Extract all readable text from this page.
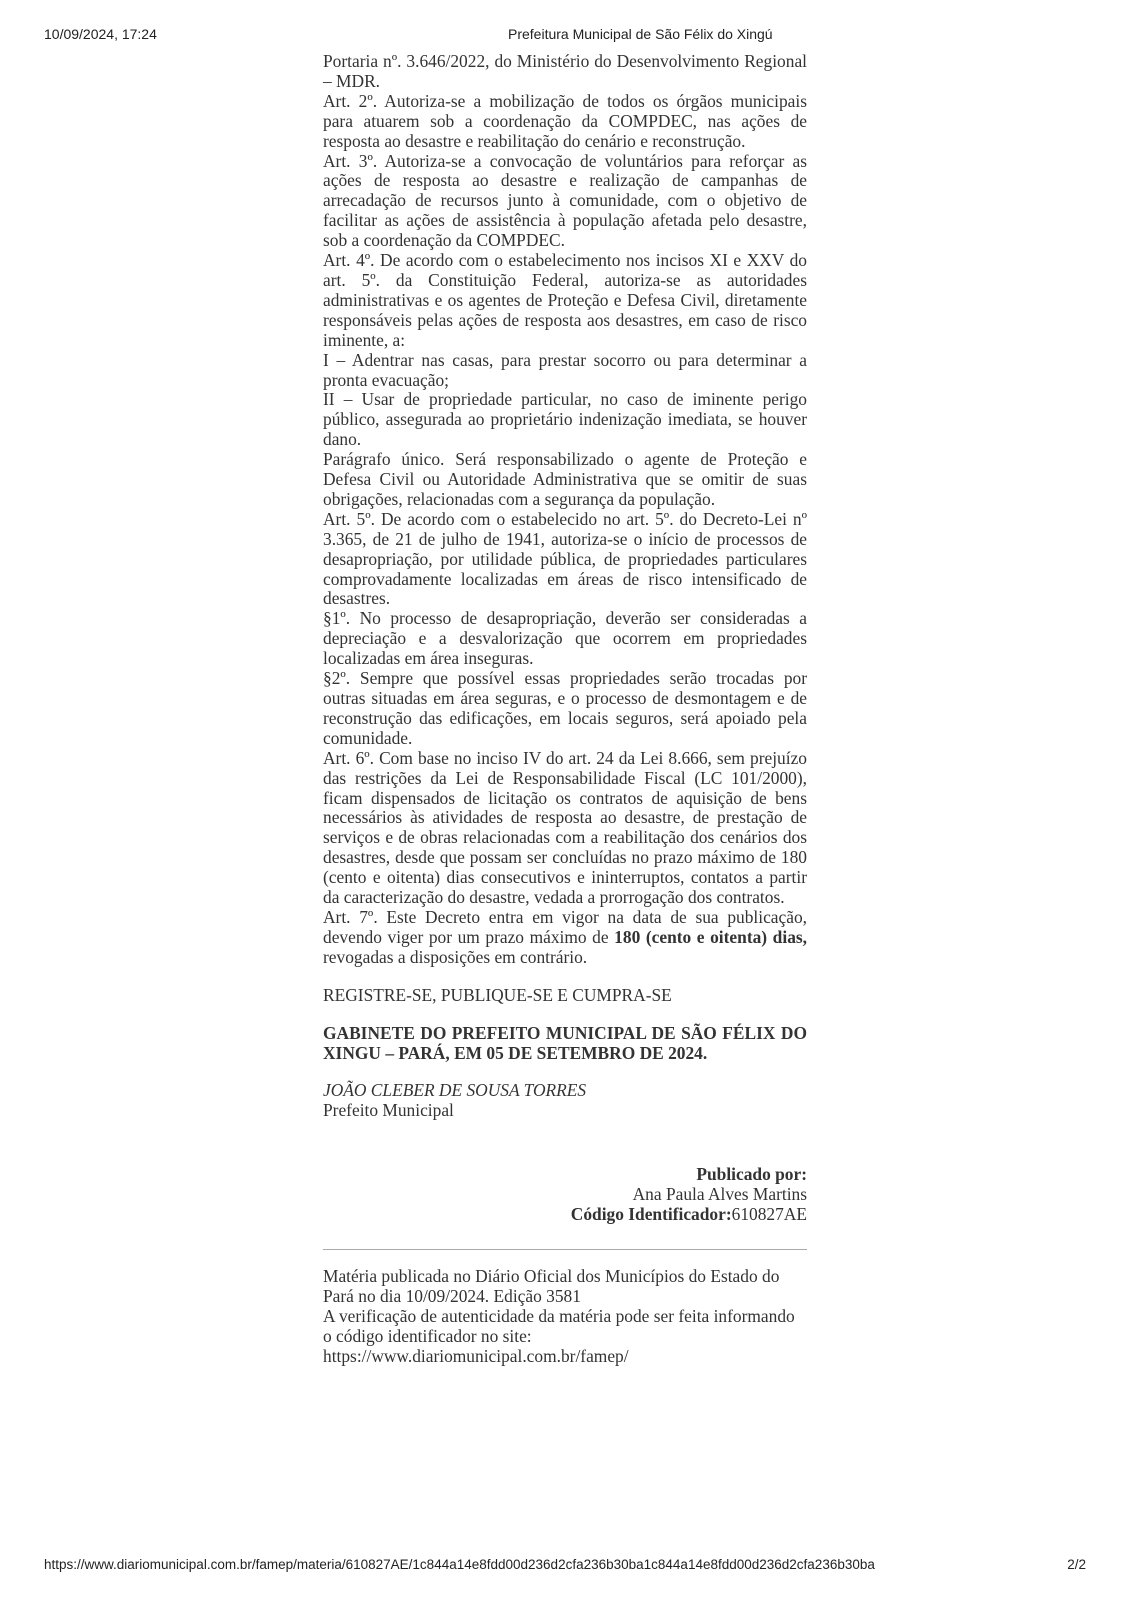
10/09/2024, 17:24	Prefeitura Municipal de São Félix do Xingú

Portaria nº. 3.646/2022, do Ministério do Desenvolvimento Regional – MDR.

Art. 2º. Autoriza-se a mobilização de todos os órgãos municipais para atuarem sob a coordenação da COMPDEC, nas ações de resposta ao desastre e reabilitação do cenário e reconstrução.

Art. 3º. Autoriza-se a convocação de voluntários para reforçar as ações de resposta ao desastre e realização de campanhas de arrecadação de recursos junto à comunidade, com o objetivo de facilitar as ações de assistência à população afetada pelo desastre, sob a coordenação da COMPDEC.

Art. 4º. De acordo com o estabelecimento nos incisos XI e XXV do art. 5º. da Constituição Federal, autoriza-se as autoridades administrativas e os agentes de Proteção e Defesa Civil, diretamente responsáveis pelas ações de resposta aos desastres, em caso de risco iminente, a:

I – Adentrar nas casas, para prestar socorro ou para determinar a pronta evacuação;

II – Usar de propriedade particular, no caso de iminente perigo público, assegurada ao proprietário indenização imediata, se houver dano.

Parágrafo único. Será responsabilizado o agente de Proteção e Defesa Civil ou Autoridade Administrativa que se omitir de suas obrigações, relacionadas com a segurança da população.

Art. 5º. De acordo com o estabelecido no art. 5º. do Decreto-Lei nº 3.365, de 21 de julho de 1941, autoriza-se o início de processos de desapropriação, por utilidade pública, de propriedades particulares comprovadamente localizadas em áreas de risco intensificado de desastres.

§1º. No processo de desapropriação, deverão ser consideradas a depreciação e a desvalorização que ocorrem em propriedades localizadas em área inseguras.

§2º. Sempre que possível essas propriedades serão trocadas por outras situadas em área seguras, e o processo de desmontagem e de reconstrução das edificações, em locais seguros, será apoiado pela comunidade.

Art. 6º. Com base no inciso IV do art. 24 da Lei 8.666, sem prejuízo das restrições da Lei de Responsabilidade Fiscal (LC 101/2000), ficam dispensados de licitação os contratos de aquisição de bens necessários às atividades de resposta ao desastre, de prestação de serviços e de obras relacionadas com a reabilitação dos cenários dos desastres, desde que possam ser concluídas no prazo máximo de 180 (cento e oitenta) dias consecutivos e ininterruptos, contatos a partir da caracterização do desastre, vedada a prorrogação dos contratos.

Art. 7º. Este Decreto entra em vigor na data de sua publicação, devendo viger por um prazo máximo de 180 (cento e oitenta) dias, revogadas a disposições em contrário.

REGISTRE-SE, PUBLIQUE-SE E CUMPRA-SE

GABINETE DO PREFEITO MUNICIPAL DE SÃO FÉLIX DO XINGU – PARÁ, EM 05 DE SETEMBRO DE 2024.

JOÃO CLEBER DE SOUSA TORRES

Prefeito Municipal

Publicado por:

Ana Paula Alves Martins

Código Identificador:610827AE

Matéria publicada no Diário Oficial dos Municípios do Estado do Pará no dia 10/09/2024. Edição 3581

A verificação de autenticidade da matéria pode ser feita informando o código identificador no site:

https://www.diariomunicipal.com.br/famep/

https://www.diariomunicipal.com.br/famep/materia/610827AE/1c844a14e8fdd00d236d2cfa236b30ba1c844a14e8fdd00d236d2cfa236b30ba	2/2
